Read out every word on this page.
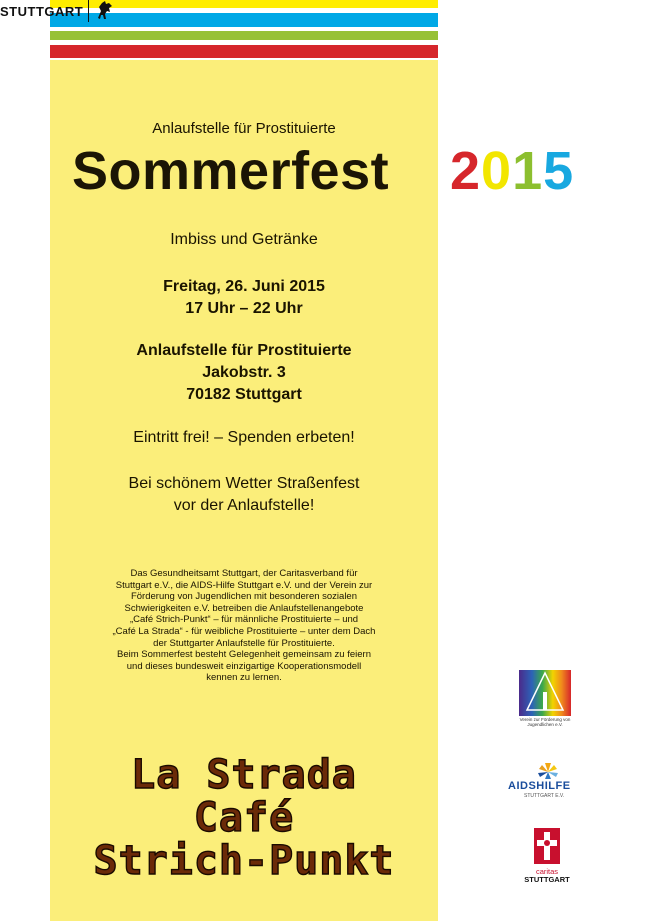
Anlaufstelle für Prostituierte
Sommerfest 2015
Imbiss und Getränke
Freitag, 26. Juni 2015
17 Uhr – 22 Uhr
Anlaufstelle für Prostituierte
Jakobstr. 3
70182 Stuttgart
Eintritt frei! – Spenden erbeten!
Bei schönem Wetter Straßenfest
vor der Anlaufstelle!
Das Gesundheitsamt Stuttgart, der Caritasverband für
Stuttgart e.V., die AIDS-Hilfe Stuttgart e.V. und der Verein zur
Förderung von Jugendlichen mit besonderen sozialen
Schwierigkeiten e.V. betreiben die Anlaufstellenangebote
„Café Strich-Punkt“ – für männliche Prostituierte – und
„Café La Strada“ - für weibliche Prostituierte – unter dem Dach
der Stuttgarter Anlaufstelle für Prostituierte.
Beim Sommerfest besteht Gelegenheit gemeinsam zu feiern
und dieses bundesweit einzigartige Kooperationsmodell
kennen zu lernen.
La Strada
Café
Strich-Punkt
STUTTGART
Verein zur Förderung von
Jugendlichen e.V.
AIDSHILFE
STUTTGART E.V.
caritas
STUTTGART
